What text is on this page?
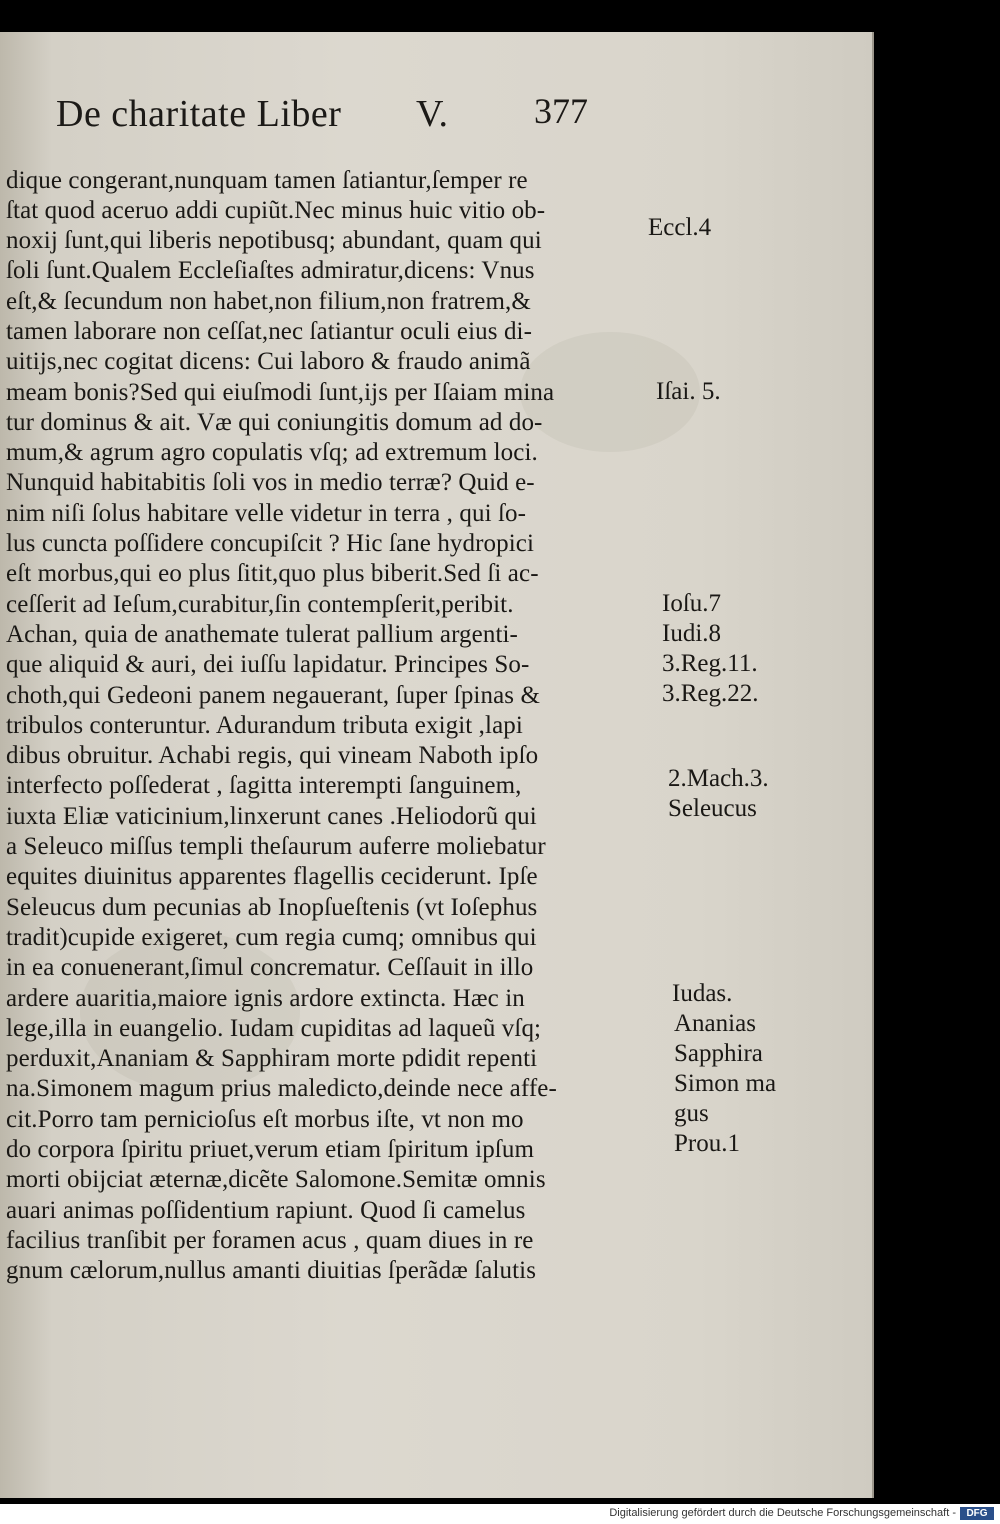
De charitate Liber V. 377
dique congerant,nunquam tamen ſatiantur,ſemper re
ſtat quod aceruo addi cupiũt.Nec minus huic vitio ob-
noxij ſunt,qui liberis nepotibusq; abundant, quam qui
ſoli ſunt.Qualem Eccleſiaſtes admiratur,dicens: Vnus
eſt,& ſecundum non habet,non filium,non fratrem,&
tamen laborare non ceſſat,nec ſatiantur oculi eius di-
uitijs,nec cogitat dicens: Cui laboro & fraudo animã
meam bonis?Sed qui eiuſmodi ſunt,ijs per Iſaiam mina
tur dominus & ait. Væ qui coniungitis domum ad do-
mum,& agrum agro copulatis vſq; ad extremum loci.
Nunquid habitabitis ſoli vos in medio terræ? Quid e-
nim niſi ſolus habitare velle videtur in terra , qui ſo-
lus cuncta poſſidere concupiſcit ? Hic ſane hydropici
eſt morbus,qui eo plus ſitit,quo plus biberit.Sed ſi ac-
ceſſerit ad Ieſum,curabitur,ſin contempſerit,peribit.
Achan, quia de anathemate tulerat pallium argenti-
que aliquid & auri, dei iuſſu lapidatur. Principes So-
choth,qui Gedeoni panem negauerant, ſuper ſpinas &
tribulos conteruntur. Adurandum tributa exigit ,lapi
dibus obruitur. Achabi regis, qui vineam Naboth ipſo
interfecto poſſederat , ſagitta interempti ſanguinem,
iuxta Eliæ vaticinium,linxerunt canes .Heliodorũ qui
a Seleuco miſſus templi theſaurum auferre moliebatur
equites diuinitus apparentes flagellis ceciderunt. Ipſe
Seleucus dum pecunias ab Inopſueſtenis (vt Ioſephus
tradit)cupide exigeret, cum regia cumq; omnibus qui
in ea conuenerant,ſimul concrematur. Ceſſauit in illo
ardere auaritia,maiore ignis ardore extincta. Hæc in
lege,illa in euangelio. Iudam cupiditas ad laqueũ vſq;
perduxit,Ananiam & Sapphiram morte pdidit repenti
na.Simonem magum prius maledicto,deinde nece affe-
cit.Porro tam pernicioſus eſt morbus iſte, vt non mo
do corpora ſpiritu priuet,verum etiam ſpiritum ipſum
morti obijciat æternæ,dicẽte Salomone.Semitæ omnis
auari animas poſſidentium rapiunt. Quod ſi camelus
facilius tranſibit per foramen acus , quam diues in re
gnum cælorum,nullus amanti diuitias ſperãdæ ſalutis
Eccl.4
Iſai. 5.
Ioſu.7
Iudi.8
3.Reg.11.
3.Reg.22.
2.Mach.3.
Seleucus
Iudas.
Ananias
Sapphira
Simon ma
gus
Prou.1
Digitalisierung gefördert durch die Deutsche Forschungsgemeinschaft -	DFG
